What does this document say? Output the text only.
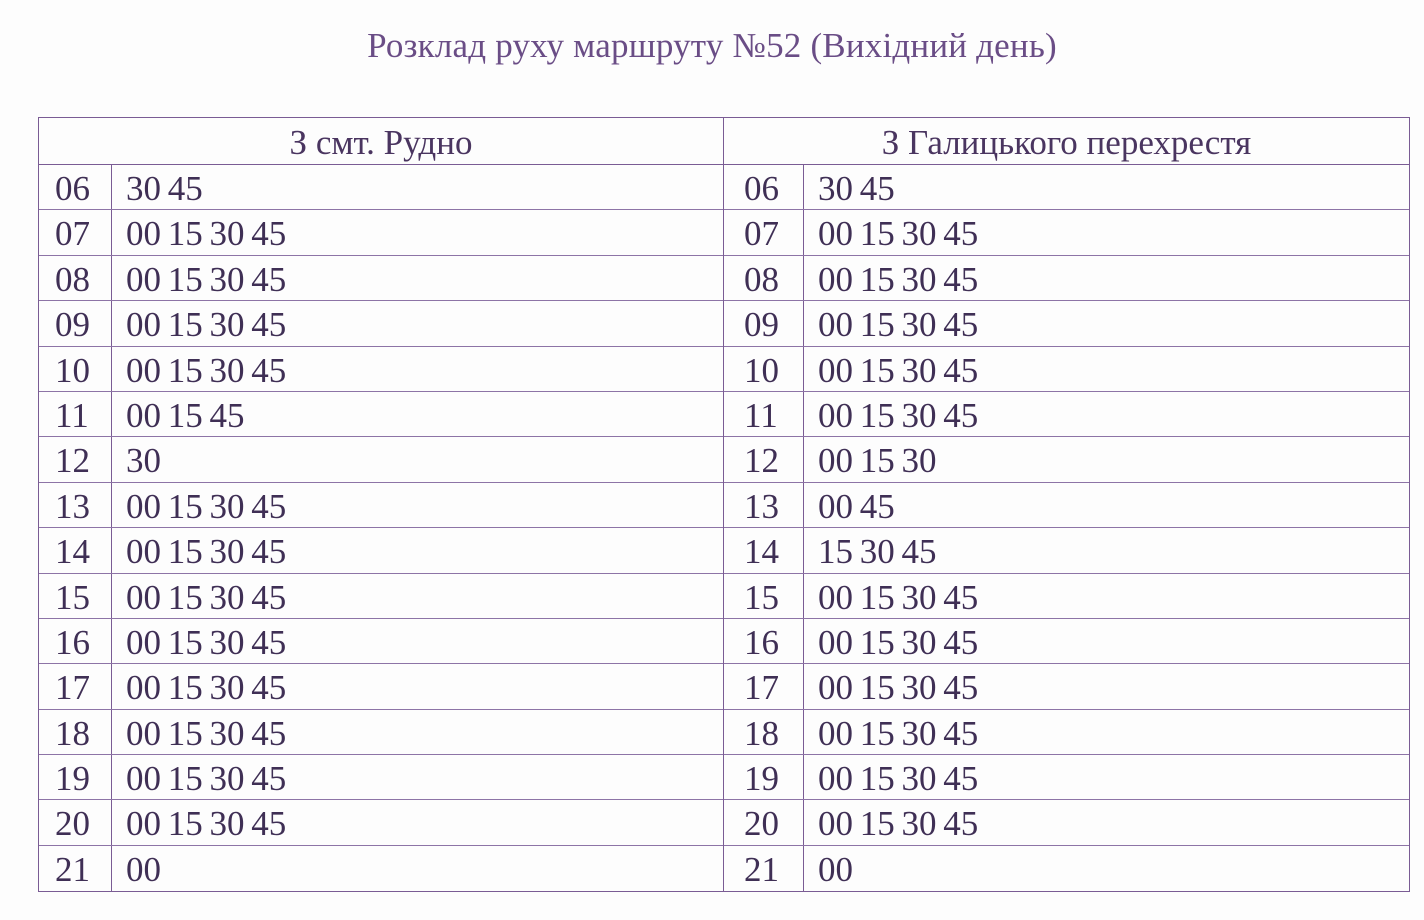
Розклад руху маршруту №52 (Вихідний день)
З смт. Рудно
06	30 45
07	00 15 30 45
08	00 15 30 45
09	00 15 30 45
10	00 15 30 45
11	00 15 45
12	30
13	00 15 30 45
14	00 15 30 45
15	00 15 30 45
16	00 15 30 45
17	00 15 30 45
18	00 15 30 45
19	00 15 30 45
20	00 15 30 45
21	00
З Галицького перехрестя
06	30 45
07	00 15 30 45
08	00 15 30 45
09	00 15 30 45
10	00 15 30 45
11	00 15 30 45
12	00 15 30
13	00 45
14	15 30 45
15	00 15 30 45
16	00 15 30 45
17	00 15 30 45
18	00 15 30 45
19	00 15 30 45
20	00 15 30 45
21	00
